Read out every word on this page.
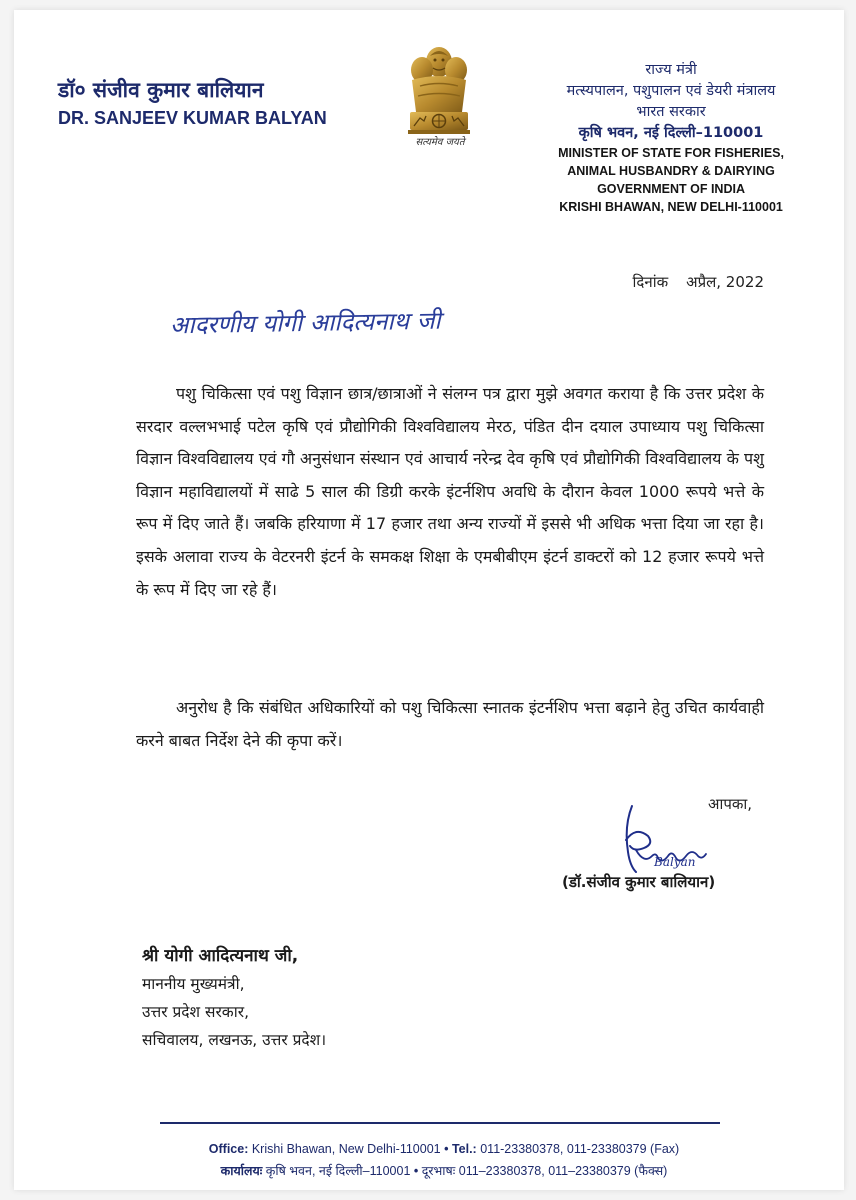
डॉ० संजीव कुमार बालियान
DR. SANJEEV KUMAR BALYAN
सत्यमेव जयते
राज्य मंत्री
मत्स्यपालन, पशुपालन एवं डेयरी मंत्रालय
भारत सरकार
कृषि भवन, नई दिल्ली–110001
MINISTER OF STATE FOR FISHERIES,
ANIMAL HUSBANDRY & DAIRYING
GOVERNMENT OF INDIA
KRISHI BHAWAN, NEW DELHI-110001
दिनांक अप्रैल, 2022
आदरणीय योगी आदित्यनाथ जी

पशु चिकित्सा एवं पशु विज्ञान छात्र/छात्राओं ने संलग्न पत्र द्वारा मुझे अवगत कराया है कि उत्तर प्रदेश के सरदार वल्लभभाई पटेल कृषि एवं प्रौद्योगिकी विश्वविद्यालय मेरठ, पंडित दीन दयाल उपाध्याय पशु चिकित्सा विज्ञान विश्वविद्यालय एवं गौ अनुसंधान संस्थान एवं आचार्य नरेन्द्र देव कृषि एवं प्रौद्योगिकी विश्वविद्यालय के पशु विज्ञान महाविद्यालयों में साढे 5 साल की डिग्री करके इंटर्नशिप अवधि के दौरान केवल 1000 रूपये भत्ते के रूप में दिए जाते हैं। जबकि हरियाणा में 17 हजार तथा अन्य राज्यों में इससे भी अधिक भत्ता दिया जा रहा है। इसके अलावा राज्य के वेटरनरी इंटर्न के समकक्ष शिक्षा के एमबीबीएम इंटर्न डाक्टरों को 12 हजार रूपये भत्ते के रूप में दिए जा रहे हैं।

अनुरोध है कि संबंधित अधिकारियों को पशु चिकित्सा स्नातक इंटर्नशिप भत्ता बढ़ाने हेतु उचित कार्यवाही करने बाबत निर्देश देने की कृपा करें।

आपका,
Balyan
(डॉ.संजीव कुमार बालियान)
श्री योगी आदित्यनाथ जी,
माननीय मुख्यमंत्री,
उत्तर प्रदेश सरकार,
सचिवालय, लखनऊ, उत्तर प्रदेश।
Office: Krishi Bhawan, New Delhi-110001 • Tel.: 011-23380378, 011-23380379 (Fax)
कार्यालयः कृषि भवन, नई दिल्ली–110001 • दूरभाषः 011–23380378, 011–23380379 (फैक्स)
